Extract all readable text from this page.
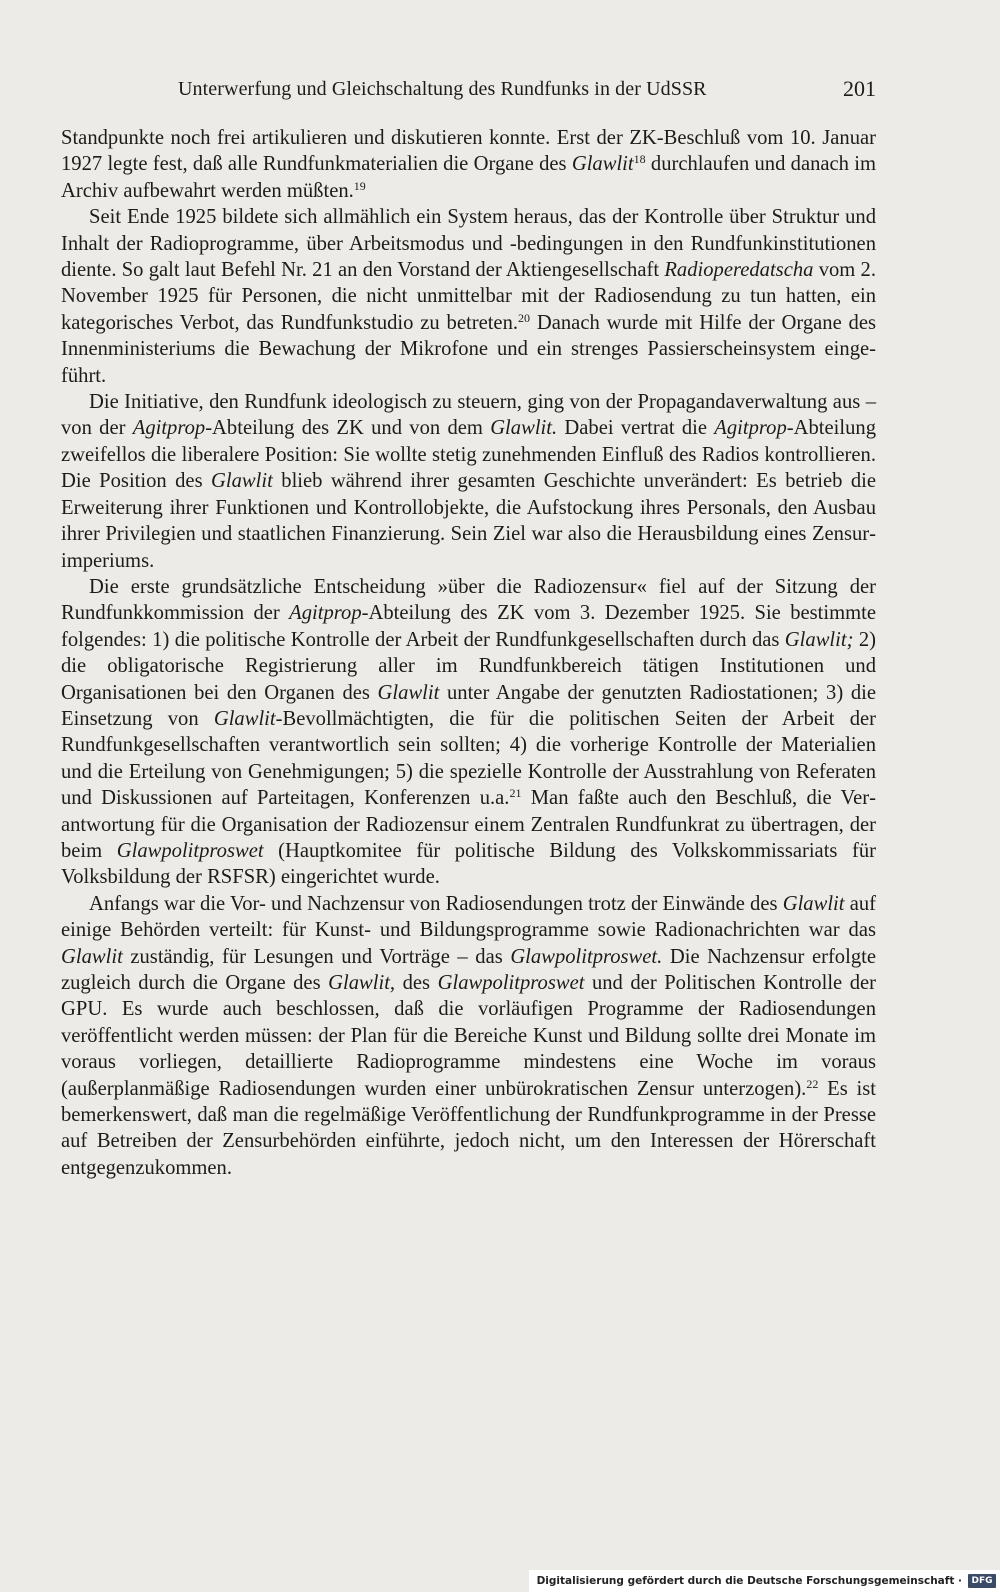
Unterwerfung und Gleichschaltung des Rundfunks in der UdSSR	201

Standpunkte noch frei artikulieren und diskutieren konnte. Erst der ZK-Beschluß vom 10. Januar 1927 legte fest, daß alle Rundfunkmaterialien die Organe des Glawlit$^{18}$ durchlaufen und danach im Archiv aufbewahrt werden müßten.$^{19}$

Seit Ende 1925 bildete sich allmählich ein System heraus, das der Kontrolle über Struktur und Inhalt der Radioprogramme, über Arbeitsmodus und -bedingungen in den Rundfunkinstitutionen diente. So galt laut Befehl Nr. 21 an den Vorstand der Aktiengesellschaft Radioperedatscha vom 2. November 1925 für Personen, die nicht unmittelbar mit der Radiosendung zu tun hatten, ein kategorisches Verbot, das Rundfunkstudio zu betreten.$^{20}$ Danach wurde mit Hilfe der Organe des Innenministeriums die Bewachung der Mikrofone und ein strenges Passierscheinsystem eingeführt.

Die Initiative, den Rundfunk ideologisch zu steuern, ging von der Propagandaverwaltung aus – von der Agitprop-Abteilung des ZK und von dem Glawlit. Dabei vertrat die Agitprop-Abteilung zweifellos die liberalere Position: Sie wollte stetig zunehmenden Einfluß des Radios kontrollieren. Die Position des Glawlit blieb während ihrer gesamten Geschichte unverändert: Es betrieb die Erweiterung ihrer Funktionen und Kontrollobjekte, die Aufstockung ihres Personals, den Ausbau ihrer Privilegien und staatlichen Finanzierung. Sein Ziel war also die Herausbildung eines Zensurimperiums.

Die erste grundsätzliche Entscheidung »über die Radiozensur« fiel auf der Sitzung der Rundfunkkommission der Agitprop-Abteilung des ZK vom 3. Dezember 1925. Sie bestimmte folgendes: 1) die politische Kontrolle der Arbeit der Rundfunkgesellschaften durch das Glawlit; 2) die obligatorische Registrierung aller im Rundfunkbereich tätigen Institutionen und Organisationen bei den Organen des Glawlit unter Angabe der genutzten Radiostationen; 3) die Einsetzung von Glawlit-Bevollmächtigten, die für die politischen Seiten der Arbeit der Rundfunkgesellschaften verantwortlich sein sollten; 4) die vorherige Kontrolle der Materialien und die Erteilung von Genehmigungen; 5) die spezielle Kontrolle der Ausstrahlung von Referaten und Diskussionen auf Parteitagen, Konferenzen u.a.$^{21}$ Man faßte auch den Beschluß, die Verantwortung für die Organisation der Radiozensur einem Zentralen Rundfunkrat zu übertragen, der beim Glawpolitproswet (Hauptkomitee für politische Bildung des Volkskommissariats für Volksbildung der RSFSR) eingerichtet wurde.

Anfangs war die Vor- und Nachzensur von Radiosendungen trotz der Einwände des Glawlit auf einige Behörden verteilt: für Kunst- und Bildungsprogramme sowie Radionachrichten war das Glawlit zuständig, für Lesungen und Vorträge – das Glawpolitproswet. Die Nachzensur erfolgte zugleich durch die Organe des Glawlit, des Glawpolitproswet und der Politischen Kontrolle der GPU. Es wurde auch beschlossen, daß die vorläufigen Programme der Radiosendungen veröffentlicht werden müssen: der Plan für die Bereiche Kunst und Bildung sollte drei Monate im voraus vorliegen, detaillierte Radioprogramme mindestens eine Woche im voraus (außerplanmäßige Radiosendungen wurden einer unbürokratischen Zensur unterzogen).$^{22}$ Es ist bemerkenswert, daß man die regelmäßige Veröffentlichung der Rundfunkprogramme in der Presse auf Betreiben der Zensurbehörden einführte, jedoch nicht, um den Interessen der Hörerschaft entgegenzukommen.

Digitalisierung gefördert durch die Deutsche Forschungsgemeinschaft ·	DFG
